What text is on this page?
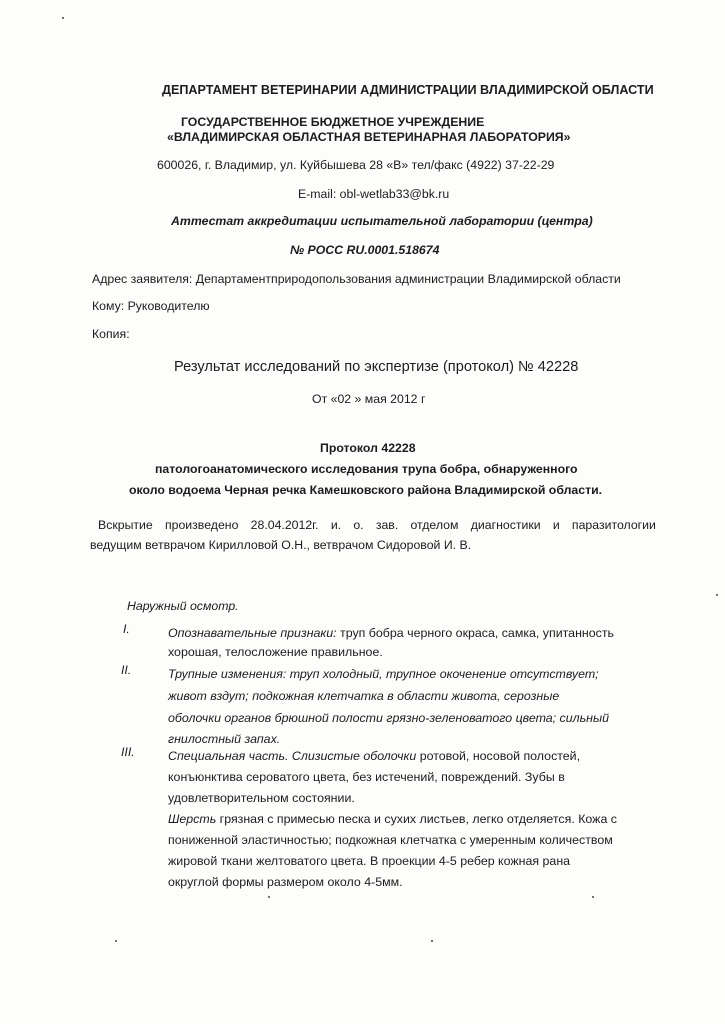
ДЕПАРТАМЕНТ ВЕТЕРИНАРИИ АДМИНИСТРАЦИИ ВЛАДИМИРСКОЙ ОБЛАСТИ
ГОСУДАРСТВЕННОЕ БЮДЖЕТНОЕ УЧРЕЖДЕНИЕ
«ВЛАДИМИРСКАЯ ОБЛАСТНАЯ ВЕТЕРИНАРНАЯ ЛАБОРАТОРИЯ»
600026, г. Владимир, ул. Куйбышева 28 «В» тел/факс (4922) 37-22-29
E-mail: obl-wetlab33@bk.ru
Аттестат аккредитации испытательной лаборатории (центра)
№ РОСС RU.0001.518674
Адрес заявителя: Департаментприродопользования администрации Владимирской области
Кому: Руководителю
Копия:
Результат исследований по экспертизе (протокол) № 42228
От «02 » мая 2012 г
Протокол 42228
патологоанатомического исследования трупа бобра, обнаруженного
около водоема Черная речка Камешковского района Владимирской области.
Вскрытие произведено 28.04.2012г. и. о. зав. отделом диагностики и паразитологии
ведущим ветврачом Кирилловой О.Н., ветврачом Сидоровой И. В.
Наружный осмотр.
I.	Опознавательные признаки: труп бобра черного окраса, самка, упитанность
хорошая, телосложение правильное.
II.	Трупные изменения: труп холодный, трупное окоченение отсутствует;
живот вздут; подкожная клетчатка в области живота, серозные
оболочки органов брюшной полости грязно-зеленоватого цвета; сильный
гнилостный запах.
III.	Специальная часть. Слизистые оболочки ротовой, носовой полостей,
конъюнктива сероватого цвета, без истечений, повреждений. Зубы в
удовлетворительном состоянии.
Шерсть грязная с примесью песка и сухих листьев, легко отделяется. Кожа с
пониженной эластичностью; подкожная клетчатка с умеренным количеством
жировой ткани желтоватого цвета. В проекции 4-5 ребер кожная рана
округлой формы размером около 4-5мм.
